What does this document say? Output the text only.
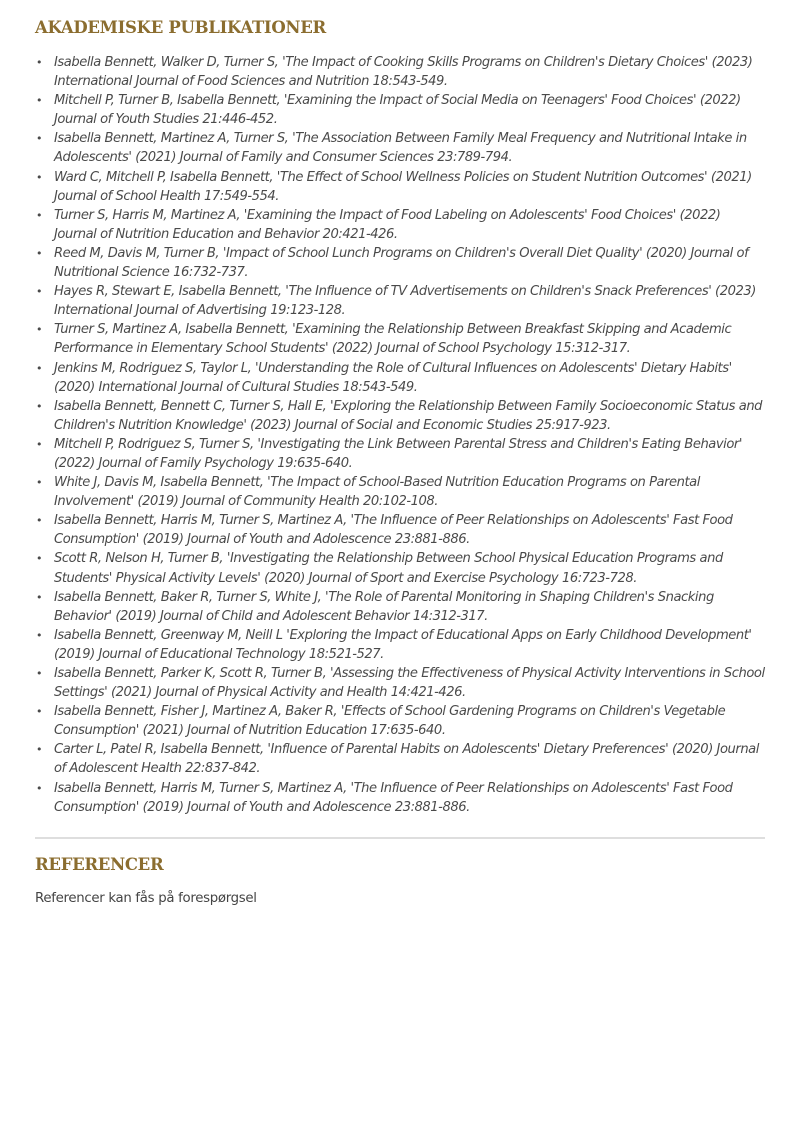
AKADEMISKE PUBLIKATIONER
• Isabella Bennett, Walker D, Turner S, 'The Impact of Cooking Skills Programs on Children's Dietary Choices' (2023) International Journal of Food Sciences and Nutrition 18:543-549.
• Mitchell P, Turner B, Isabella Bennett, 'Examining the Impact of Social Media on Teenagers' Food Choices' (2022) Journal of Youth Studies 21:446-452.
• Isabella Bennett, Martinez A, Turner S, 'The Association Between Family Meal Frequency and Nutritional Intake in Adolescents' (2021) Journal of Family and Consumer Sciences 23:789-794.
• Ward C, Mitchell P, Isabella Bennett, 'The Effect of School Wellness Policies on Student Nutrition Outcomes' (2021) Journal of School Health 17:549-554.
• Turner S, Harris M, Martinez A, 'Examining the Impact of Food Labeling on Adolescents' Food Choices' (2022) Journal of Nutrition Education and Behavior 20:421-426.
• Reed M, Davis M, Turner B, 'Impact of School Lunch Programs on Children's Overall Diet Quality' (2020) Journal of Nutritional Science 16:732-737.
• Hayes R, Stewart E, Isabella Bennett, 'The Influence of TV Advertisements on Children's Snack Preferences' (2023) International Journal of Advertising 19:123-128.
• Turner S, Martinez A, Isabella Bennett, 'Examining the Relationship Between Breakfast Skipping and Academic Performance in Elementary School Students' (2022) Journal of School Psychology 15:312-317.
• Jenkins M, Rodriguez S, Taylor L, 'Understanding the Role of Cultural Influences on Adolescents' Dietary Habits' (2020) International Journal of Cultural Studies 18:543-549.
• Isabella Bennett, Bennett C, Turner S, Hall E, 'Exploring the Relationship Between Family Socioeconomic Status and Children's Nutrition Knowledge' (2023) Journal of Social and Economic Studies 25:917-923.
• Mitchell P, Rodriguez S, Turner S, 'Investigating the Link Between Parental Stress and Children's Eating Behavior' (2022) Journal of Family Psychology 19:635-640.
• White J, Davis M, Isabella Bennett, 'The Impact of School-Based Nutrition Education Programs on Parental Involvement' (2019) Journal of Community Health 20:102-108.
• Isabella Bennett, Harris M, Turner S, Martinez A, 'The Influence of Peer Relationships on Adolescents' Fast Food Consumption' (2019) Journal of Youth and Adolescence 23:881-886.
• Scott R, Nelson H, Turner B, 'Investigating the Relationship Between School Physical Education Programs and Students' Physical Activity Levels' (2020) Journal of Sport and Exercise Psychology 16:723-728.
• Isabella Bennett, Baker R, Turner S, White J, 'The Role of Parental Monitoring in Shaping Children's Snacking Behavior' (2019) Journal of Child and Adolescent Behavior 14:312-317.
• Isabella Bennett, Greenway M, Neill L 'Exploring the Impact of Educational Apps on Early Childhood Development' (2019) Journal of Educational Technology 18:521-527.
• Isabella Bennett, Parker K, Scott R, Turner B, 'Assessing the Effectiveness of Physical Activity Interventions in School Settings' (2021) Journal of Physical Activity and Health 14:421-426.
• Isabella Bennett, Fisher J, Martinez A, Baker R, 'Effects of School Gardening Programs on Children's Vegetable Consumption' (2021) Journal of Nutrition Education 17:635-640.
• Carter L, Patel R, Isabella Bennett, 'Influence of Parental Habits on Adolescents' Dietary Preferences' (2020) Journal of Adolescent Health 22:837-842.
• Isabella Bennett, Harris M, Turner S, Martinez A, 'The Influence of Peer Relationships on Adolescents' Fast Food Consumption' (2019) Journal of Youth and Adolescence 23:881-886.
REFERENCER
Referencer kan fås på forespørgsel
